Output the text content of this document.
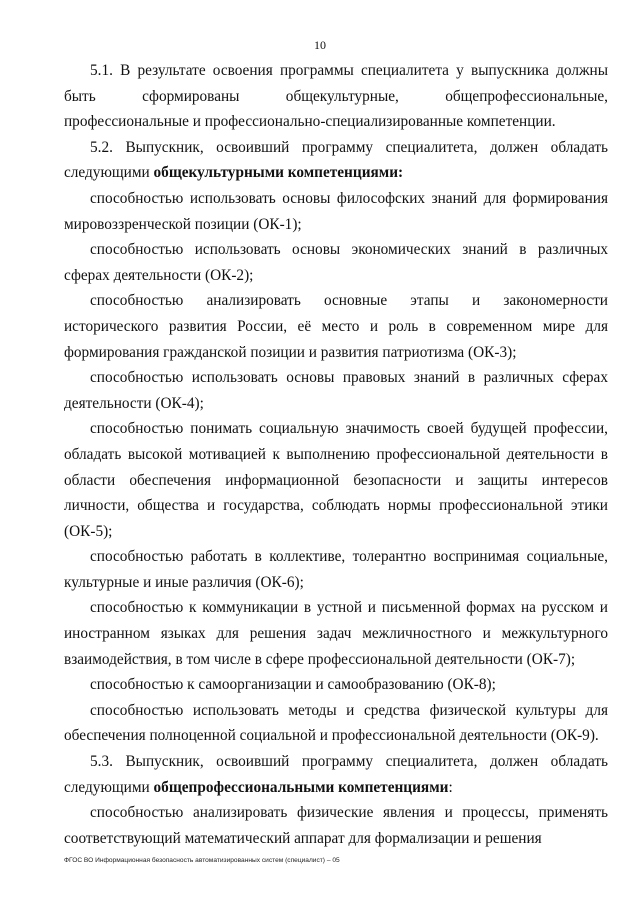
10

5.1. В результате освоения программы специалитета у выпускника должны быть сформированы общекультурные, общепрофессиональные, профессиональные и профессионально-специализированные компетенции.

5.2. Выпускник, освоивший программу специалитета, должен обладать следующими общекультурными компетенциями:

способностью использовать основы философских знаний для формирования мировоззренческой позиции (ОК-1);

способностью использовать основы экономических знаний в различных сферах деятельности (ОК-2);

способностью анализировать основные этапы и закономерности исторического развития России, её место и роль в современном мире для формирования гражданской позиции и развития патриотизма (ОК-3);

способностью использовать основы правовых знаний в различных сферах деятельности (ОК-4);

способностью понимать социальную значимость своей будущей профессии, обладать высокой мотивацией к выполнению профессиональной деятельности в области обеспечения информационной безопасности и защиты интересов личности, общества и государства, соблюдать нормы профессиональной этики (ОК-5);

способностью работать в коллективе, толерантно воспринимая социальные, культурные и иные различия (ОК-6);

способностью к коммуникации в устной и письменной формах на русском и иностранном языках для решения задач межличностного и межкультурного взаимодействия, в том числе в сфере профессиональной деятельности (ОК-7);

способностью к самоорганизации и самообразованию (ОК-8);

способностью использовать методы и средства физической культуры для обеспечения полноценной социальной и профессиональной деятельности (ОК-9).

5.3. Выпускник, освоивший программу специалитета, должен обладать следующими общепрофессиональными компетенциями:

способностью анализировать физические явления и процессы, применять соответствующий математический аппарат для формализации и решения

ФГОС ВО Информационная безопасность автоматизированных систем (специалист) – 05
